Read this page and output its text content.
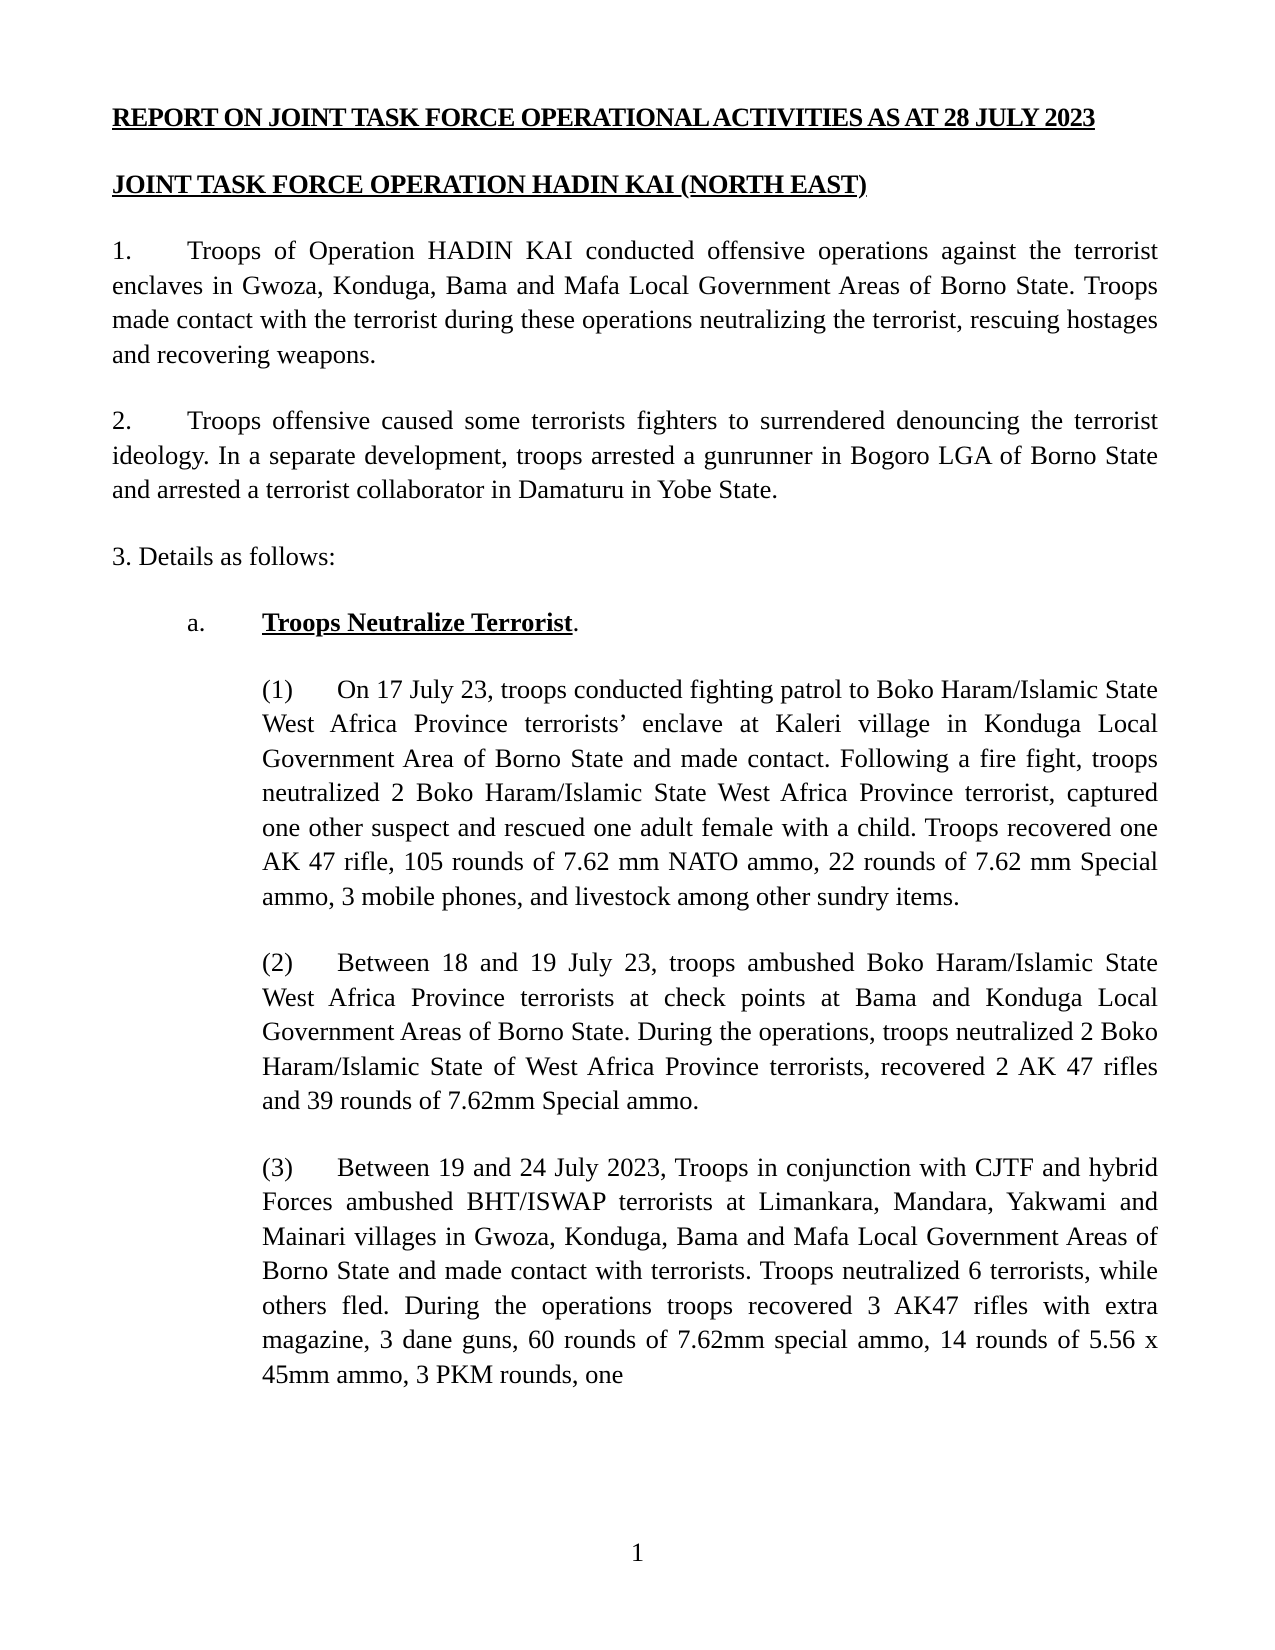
REPORT ON JOINT TASK FORCE OPERATIONAL ACTIVITIES AS AT 28 JULY 2023

JOINT TASK FORCE OPERATION HADIN KAI (NORTH EAST)

1. Troops of Operation HADIN KAI conducted offensive operations against the terrorist enclaves in Gwoza, Konduga, Bama and Mafa Local Government Areas of Borno State. Troops made contact with the terrorist during these operations neutralizing the terrorist, rescuing hostages and recovering weapons.

2. Troops offensive caused some terrorists fighters to surrendered denouncing the terrorist ideology. In a separate development, troops arrested a gunrunner in Bogoro LGA of Borno State and arrested a terrorist collaborator in Damaturu in Yobe State.

3. Details as follows:

a.	Troops Neutralize Terrorist.

(1) On 17 July 23, troops conducted fighting patrol to Boko Haram/Islamic State West Africa Province terrorists’ enclave at Kaleri village in Konduga Local Government Area of Borno State and made contact. Following a fire fight, troops neutralized 2 Boko Haram/Islamic State West Africa Province terrorist, captured one other suspect and rescued one adult female with a child. Troops recovered one AK 47 rifle, 105 rounds of 7.62 mm NATO ammo, 22 rounds of 7.62 mm Special ammo, 3 mobile phones, and livestock among other sundry items.

(2) Between 18 and 19 July 23, troops ambushed Boko Haram/Islamic State West Africa Province terrorists at check points at Bama and Konduga Local Government Areas of Borno State. During the operations, troops neutralized 2 Boko Haram/Islamic State of West Africa Province terrorists, recovered 2 AK 47 rifles and 39 rounds of 7.62mm Special ammo.

(3) Between 19 and 24 July 2023, Troops in conjunction with CJTF and hybrid Forces ambushed BHT/ISWAP terrorists at Limankara, Mandara, Yakwami and Mainari villages in Gwoza, Konduga, Bama and Mafa Local Government Areas of Borno State and made contact with terrorists. Troops neutralized 6 terrorists, while others fled. During the operations troops recovered 3 AK47 rifles with extra magazine, 3 dane guns, 60 rounds of 7.62mm special ammo, 14 rounds of 5.56 x 45mm ammo, 3 PKM rounds, one

1
